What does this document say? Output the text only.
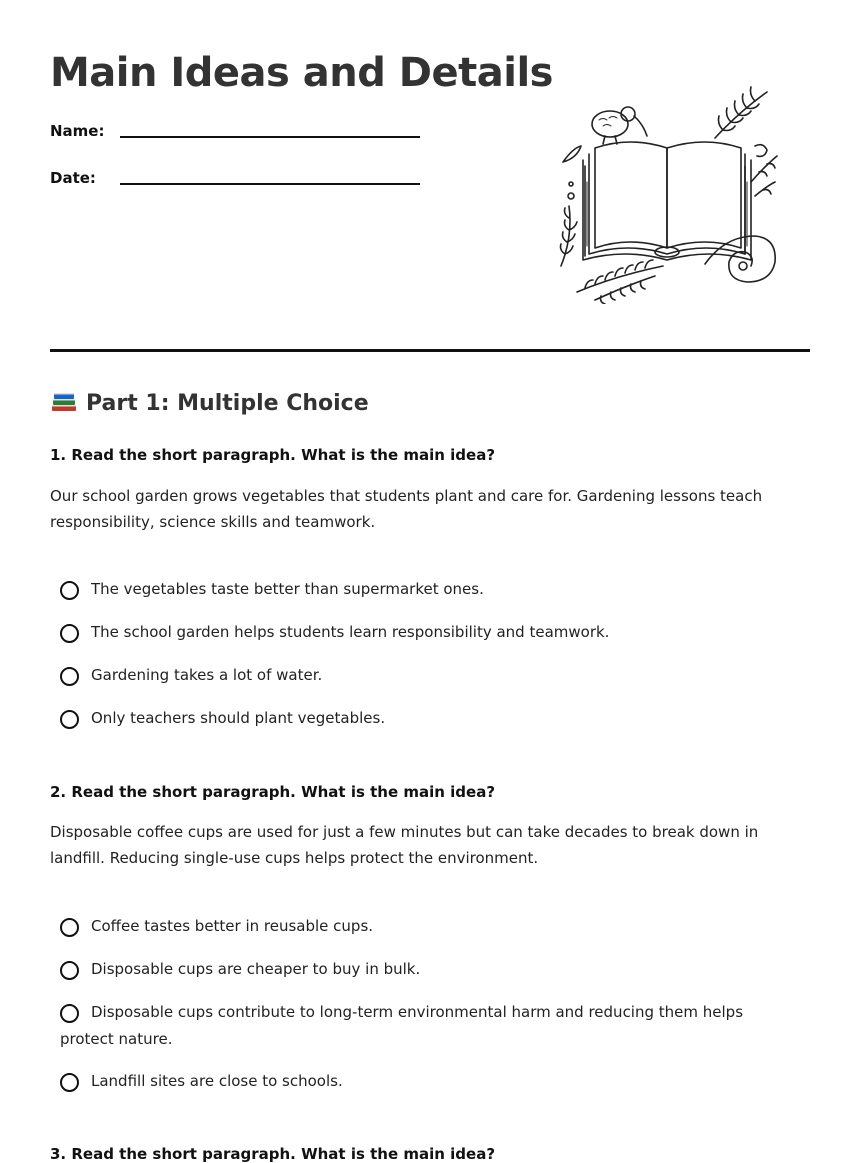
Main Ideas and Details
Name:
Date:
Part 1: Multiple Choice

1. Read the short paragraph. What is the main idea?

Our school garden grows vegetables that students plant and care for. Gardening lessons teach responsibility, science skills and teamwork.

The vegetables taste better than supermarket ones.
The school garden helps students learn responsibility and teamwork.
Gardening takes a lot of water.
Only teachers should plant vegetables.

2. Read the short paragraph. What is the main idea?

Disposable coffee cups are used for just a few minutes but can take decades to break down in landfill. Reducing single-use cups helps protect the environment.

Coffee tastes better in reusable cups.
Disposable cups are cheaper to buy in bulk.
Disposable cups contribute to long-term environmental harm and reducing them helps protect nature.
Landfill sites are close to schools.

3. Read the short paragraph. What is the main idea?
